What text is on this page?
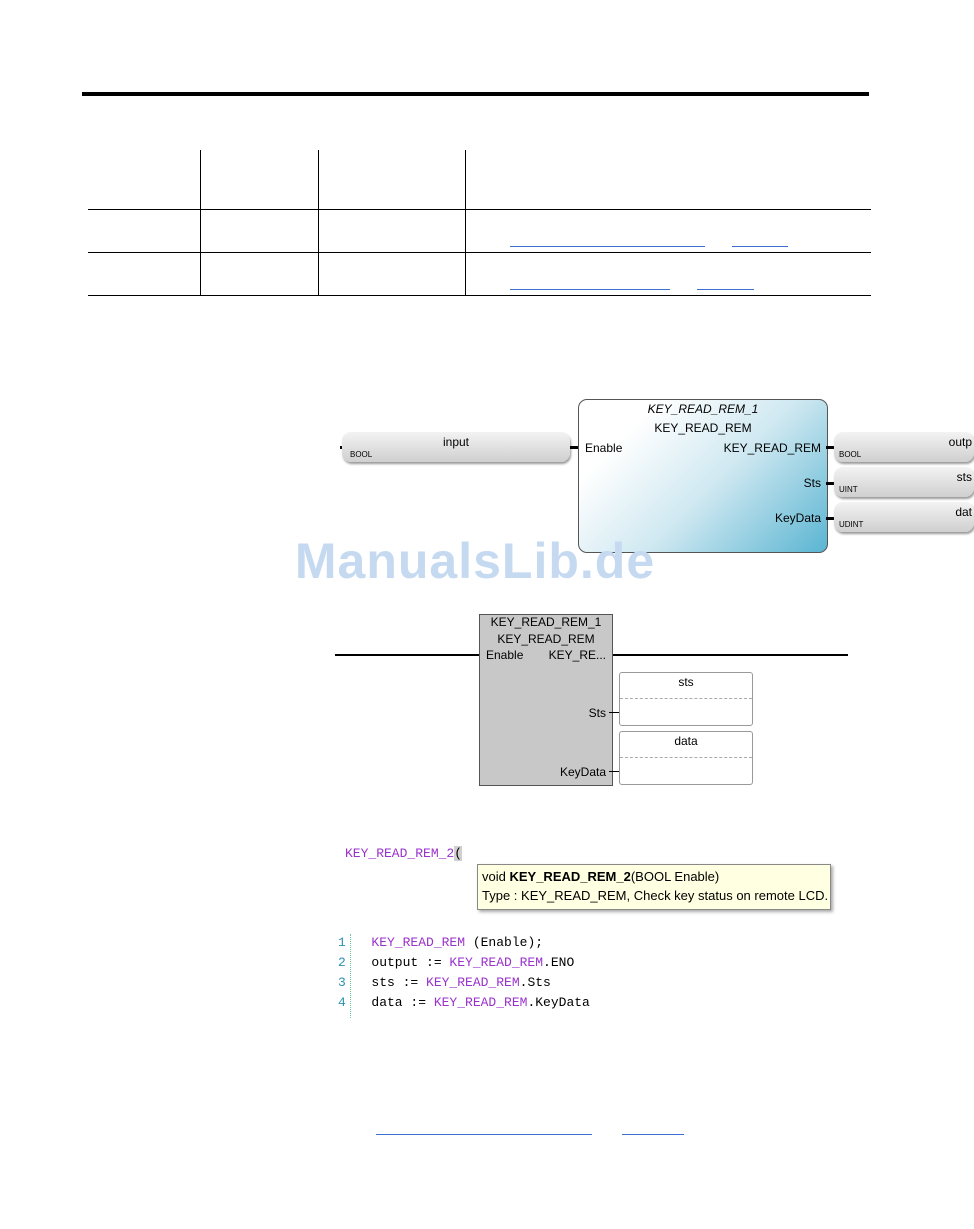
input
BOOL
KEY_READ_REM_1
KEY_READ_REM
Enable	KEY_READ_REM
Sts
KeyData
outp
BOOL
sts
UINT
dat
UDINT
ManualsLib.de
KEY_READ_REM_1
KEY_READ_REM
Enable KEY_RE...
Sts
KeyData
sts
data
KEY_READ_REM_2(
void KEY_READ_REM_2(BOOL Enable)
Type : KEY_READ_REM, Check key status on remote LCD.
1 KEY_READ_REM (Enable);
2 output := KEY_READ_REM.ENO
3 sts := KEY_READ_REM.Sts
4 data := KEY_READ_REM.KeyData
